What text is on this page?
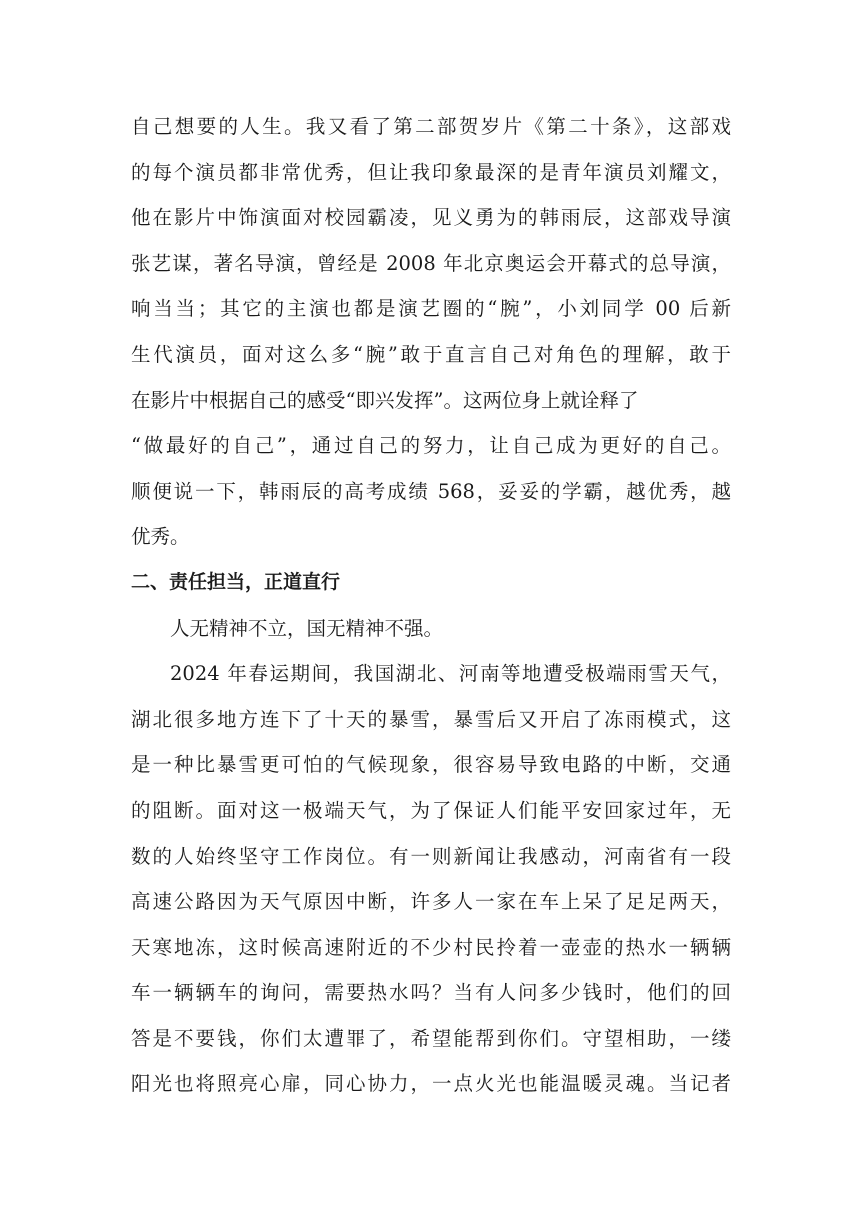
自己想要的人生。我又看了第二部贺岁片《第二十条》，这部戏
的每个演员都非常优秀，但让我印象最深的是青年演员刘耀文，
他在影片中饰演面对校园霸凌，见义勇为的韩雨辰，这部戏导演
张艺谋，著名导演，曾经是 2008 年北京奥运会开幕式的总导演，
响当当；其它的主演也都是演艺圈的“腕”，小刘同学 00 后新
生代演员，面对这么多“腕”敢于直言自己对角色的理解，敢于
在影片中根据自己的感受“即兴发挥”。这两位身上就诠释了
“做最好的自己”，通过自己的努力，让自己成为更好的自己。
顺便说一下，韩雨辰的高考成绩 568，妥妥的学霸，越优秀，越
优秀。
二、责任担当，正道直行
人无精神不立，国无精神不强。
2024 年春运期间，我国湖北、河南等地遭受极端雨雪天气，
湖北很多地方连下了十天的暴雪，暴雪后又开启了冻雨模式，这
是一种比暴雪更可怕的气候现象，很容易导致电路的中断，交通
的阻断。面对这一极端天气，为了保证人们能平安回家过年，无
数的人始终坚守工作岗位。有一则新闻让我感动，河南省有一段
高速公路因为天气原因中断，许多人一家在车上呆了足足两天，
天寒地冻，这时候高速附近的不少村民拎着一壶壶的热水一辆辆
车一辆辆车的询问，需要热水吗？当有人问多少钱时，他们的回
答是不要钱，你们太遭罪了，希望能帮到你们。守望相助，一缕
阳光也将照亮心扉，同心协力，一点火光也能温暖灵魂。当记者
